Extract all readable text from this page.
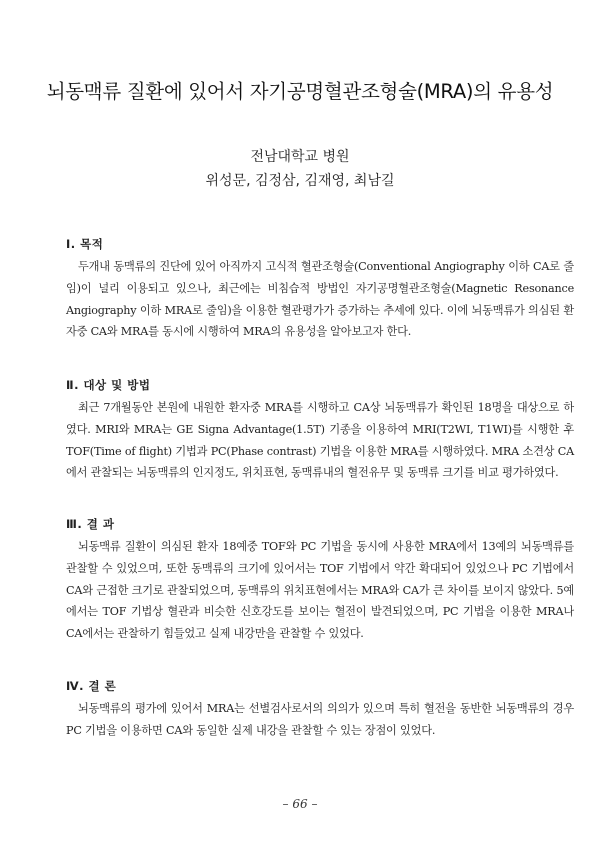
뇌동맥류 질환에 있어서 자기공명혈관조형술(MRA)의 유용성
전남대학교 병원
위성문, 김정삼, 김재영, 최남길
Ⅰ. 목적

두개내 동맥류의 진단에 있어 아직까지 고식적 혈관조형술(Conventional Angiography 이하 CA로 줄임)이 널리 이용되고 있으나, 최근에는 비침습적 방법인 자기공명혈관조형술(Magnetic Resonance Angiography 이하 MRA로 줄임)을 이용한 혈관평가가 증가하는 추세에 있다. 이에 뇌동맥류가 의심된 환자중 CA와 MRA를 동시에 시행하여 MRA의 유용성을 알아보고자 한다.

Ⅱ. 대상 및 방법

최근 7개월동안 본원에 내원한 환자중 MRA를 시행하고 CA상 뇌동맥류가 확인된 18명을 대상으로 하였다. MRI와 MRA는 GE Signa Advantage(1.5T) 기종을 이용하여 MRI(T2WI, T1WI)를 시행한 후 TOF(Time of flight) 기법과 PC(Phase contrast) 기법을 이용한 MRA를 시행하였다. MRA 소견상 CA에서 관찰되는 뇌동맥류의 인지정도, 위치표현, 동맥류내의 혈전유무 및 동맥류 크기를 비교 평가하였다.

Ⅲ. 결 과

뇌동맥류 질환이 의심된 환자 18예중 TOF와 PC 기법을 동시에 사용한 MRA에서 13예의 뇌동맥류를 관찰할 수 있었으며, 또한 동맥류의 크기에 있어서는 TOF 기법에서 약간 확대되어 있었으나 PC 기법에서 CA와 근접한 크기로 관찰되었으며, 동맥류의 위치표현에서는 MRA와 CA가 큰 차이를 보이지 않았다. 5예에서는 TOF 기법상 혈관과 비슷한 신호강도를 보이는 혈전이 발견되었으며, PC 기법을 이용한 MRA나 CA에서는 관찰하기 힘들었고 실제 내강만을 관찰할 수 있었다.

Ⅳ. 결 론

뇌동맥류의 평가에 있어서 MRA는 선별검사로서의 의의가 있으며 특히 혈전을 동반한 뇌동맥류의 경우 PC 기법을 이용하면 CA와 동일한 실제 내강을 관찰할 수 있는 장점이 있었다.

– 66 –
